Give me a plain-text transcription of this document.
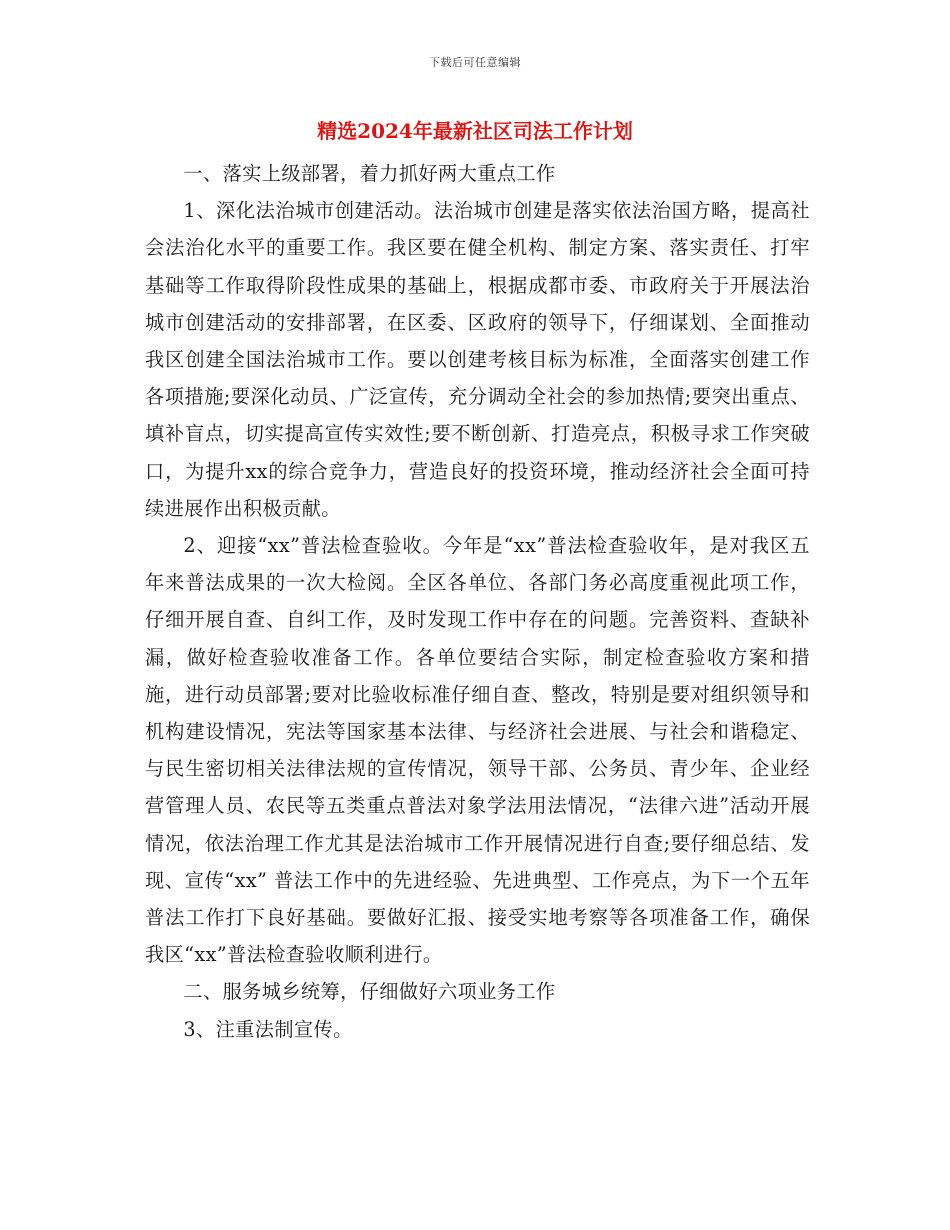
下载后可任意编辑
精选2024年最新社区司法工作计划

一、落实上级部署，着力抓好两大重点工作

1、深化法治城市创建活动。法治城市创建是落实依法治国方略，提高社会法治化水平的重要工作。我区要在健全机构、制定方案、落实责任、打牢基础等工作取得阶段性成果的基础上，根据成都市委、市政府关于开展法治城市创建活动的安排部署，在区委、区政府的领导下，仔细谋划、全面推动我区创建全国法治城市工作。要以创建考核目标为标准，全面落实创建工作各项措施;要深化动员、广泛宣传，充分调动全社会的参加热情;要突出重点、填补盲点，切实提高宣传实效性;要不断创新、打造亮点，积极寻求工作突破口，为提升xx的综合竞争力，营造良好的投资环境，推动经济社会全面可持续进展作出积极贡献。

2、迎接“xx”普法检查验收。今年是“xx”普法检查验收年，是对我区五年来普法成果的一次大检阅。全区各单位、各部门务必高度重视此项工作，仔细开展自查、自纠工作，及时发现工作中存在的问题。完善资料、查缺补漏，做好检查验收准备工作。各单位要结合实际，制定检查验收方案和措施，进行动员部署;要对比验收标准仔细自查、整改，特别是要对组织领导和机构建设情况，宪法等国家基本法律、与经济社会进展、与社会和谐稳定、与民生密切相关法律法规的宣传情况，领导干部、公务员、青少年、企业经营管理人员、农民等五类重点普法对象学法用法情况，“法律六进”活动开展情况，依法治理工作尤其是法治城市工作开展情况进行自查;要仔细总结、发现、宣传“xx” 普法工作中的先进经验、先进典型、工作亮点，为下一个五年普法工作打下良好基础。要做好汇报、接受实地考察等各项准备工作，确保我区“xx”普法检查验收顺利进行。

二、服务城乡统筹，仔细做好六项业务工作

3、注重法制宣传。
